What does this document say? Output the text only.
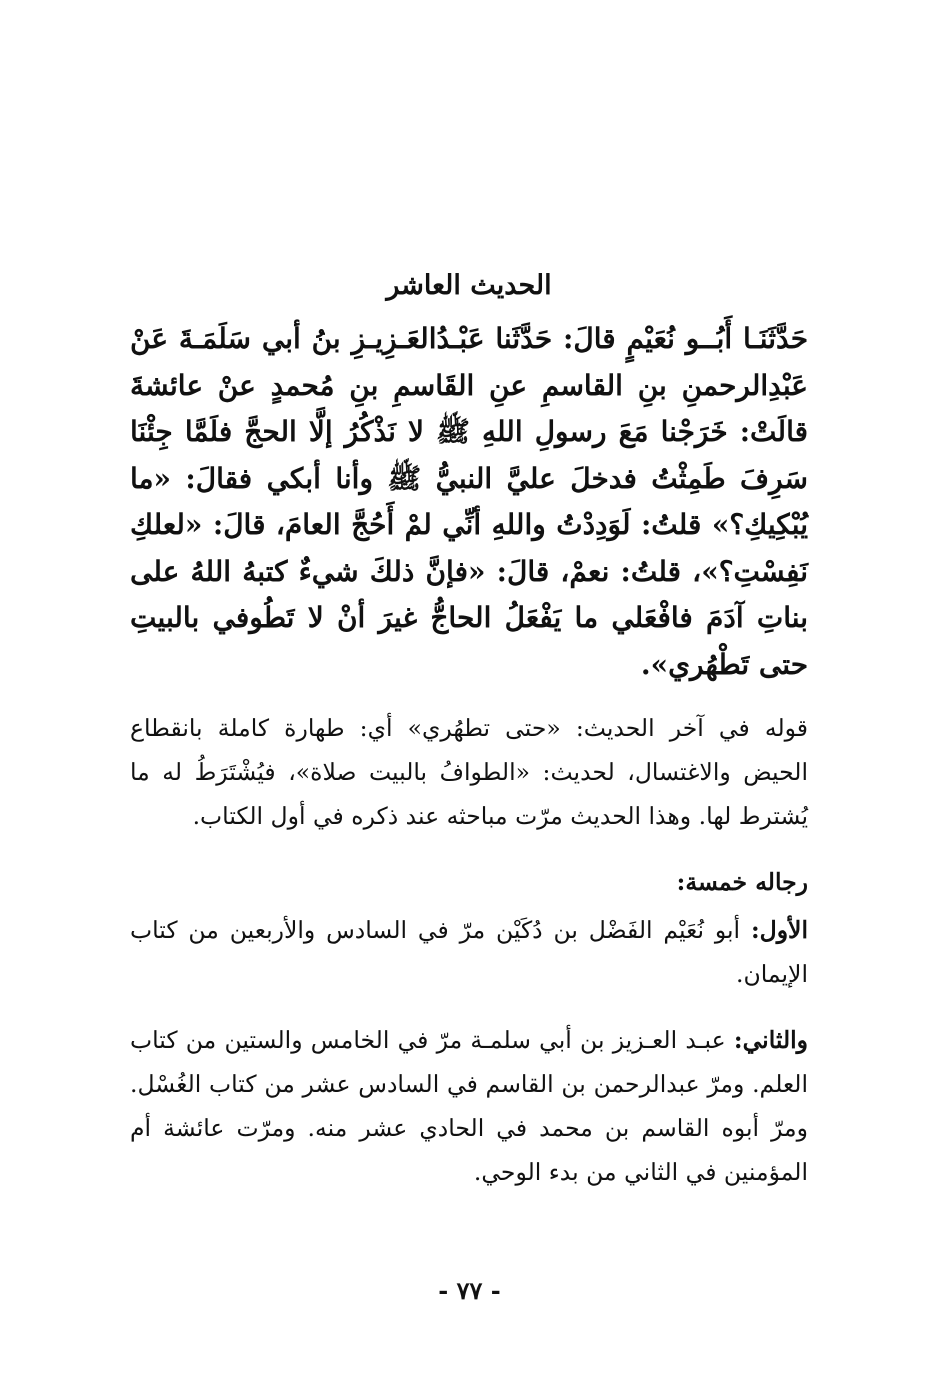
الحديث العاشر

حَدَّثَنَـا أَبُــو نُعَيْمٍ قالَ: حَدَّثَنا عَبْـدُالعَـزِيـزِ بنُ أبي سَلَمَـةَ عَنْ عَبْدِالرحمنِ بنِ القاسمِ عنِ القَاسمِ بنِ مُحمدٍ عنْ عائشةَ قالَتْ: خَرَجْنا مَعَ رسولِ اللهِ ﷺ لا نَذْكُرُ إلَّا الحجَّ فلَمَّا جِئْنَا سَرِفَ طَمِثْتُ فدخلَ عليَّ النبيُّ ﷺ وأنا أبكي فقالَ: «ما يُبْكِيكِ؟» قلتُ: لَوَدِدْتُ واللهِ أنِّي لمْ أَحُجَّ العامَ، قالَ: «لعلكِ نَفِسْتِ؟»، قلتُ: نعمْ، قالَ: «فإنَّ ذلكَ شيءٌ كتبهُ اللهُ على بناتِ آدَمَ فافْعَلي ما يَفْعَلُ الحاجُّ غيرَ أنْ لا تَطُوفي بالبيتِ حتى تَطْهُري».

قوله في آخر الحديث: «حتى تطهُري» أي: طهارة كاملة بانقطاع الحيض والاغتسال، لحديث: «الطوافُ بالبيت صلاة»، فيُشْتَرَطُ له ما يُشترط لها. وهذا الحديث مرّت مباحثه عند ذكره في أول الكتاب.

رجاله خمسة:

الأول: أبو نُعَيْم الفَضْل بن دُكَيْن مرّ في السادس والأربعين من كتاب الإيمان.

والثاني: عبـد العـزيز بن أبي سلمـة مرّ في الخامس والستين من كتاب العلم. ومرّ عبدالرحمن بن القاسم في السادس عشر من كتاب الغُسْل. ومرّ أبوه القاسم بن محمد في الحادي عشر منه. ومرّت عائشة أم المؤمنين في الثاني من بدء الوحي.

- ٧٧ -
